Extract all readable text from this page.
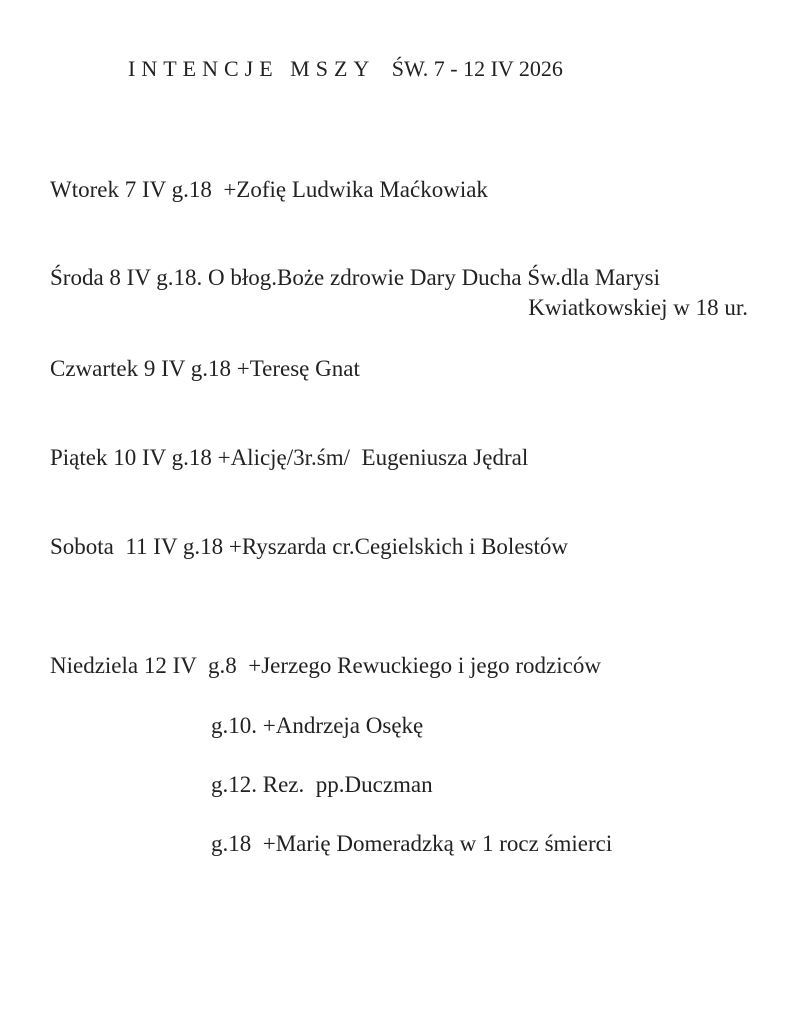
INTENCJE MSZY ŚW. 7 - 12 IV 2026
Wtorek 7 IV g.18  +Zofię Ludwika Maćkowiak
Środa 8 IV g.18. O błog.Boże zdrowie Dary Ducha Św.dla Marysi
Kwiatkowskiej w 18 ur.
Czwartek 9 IV g.18 +Teresę Gnat
Piątek 10 IV g.18 +Alicję/3r.śm/  Eugeniusza Jędral
Sobota  11 IV g.18 +Ryszarda cr.Cegielskich i Bolestów
Niedziela 12 IV  g.8  +Jerzego Rewuckiego i jego rodziców
g.10. +Andrzeja Osękę
g.12. Rez.  pp.Duczman
g.18  +Marię Domeradzką w 1 rocz śmierci
